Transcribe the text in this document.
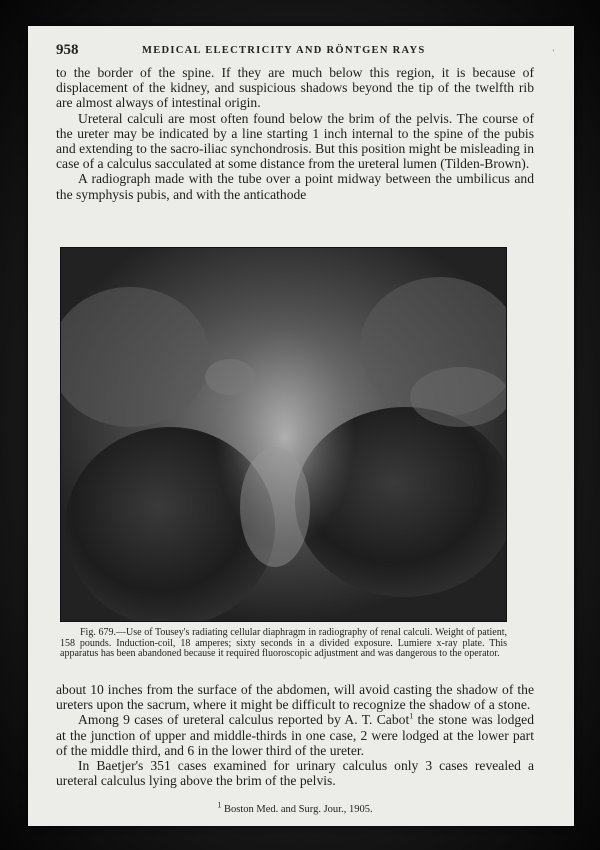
958	MEDICAL ELECTRICITY AND RÖNTGEN RAYS	'

to the border of the spine. If they are much below this region, it is because of displacement of the kidney, and suspicious shadows beyond the tip of the twelfth rib are almost always of intestinal origin.

Ureteral calculi are most often found below the brim of the pelvis. The course of the ureter may be indicated by a line starting 1 inch internal to the spine of the pubis and extending to the sacro-iliac synchondrosis. But this position might be misleading in case of a calculus sacculated at some distance from the ureteral lumen (Tilden-Brown).

A radiograph made with the tube over a point midway between the umbilicus and the symphysis pubis, and with the anticathode

Fig. 679.—Use of Tousey's radiating cellular diaphragm in radiography of renal calculi. Weight of patient, 158 pounds. Induction-coil, 18 amperes; sixty seconds in a divided exposure. Lumiere x-ray plate. This apparatus has been abandoned because it required fluoroscopic adjustment and was dangerous to the operator.

about 10 inches from the surface of the abdomen, will avoid casting the shadow of the ureters upon the sacrum, where it might be difficult to recognize the shadow of a stone.

Among 9 cases of ureteral calculus reported by A. T. Cabot$^1$ the stone was lodged at the junction of upper and middle-thirds in one case, 2 were lodged at the lower part of the middle third, and 6 in the lower third of the ureter.

In Baetjer's 351 cases examined for urinary calculus only 3 cases revealed a ureteral calculus lying above the brim of the pelvis.

$^1$ Boston Med. and Surg. Jour., 1905.
